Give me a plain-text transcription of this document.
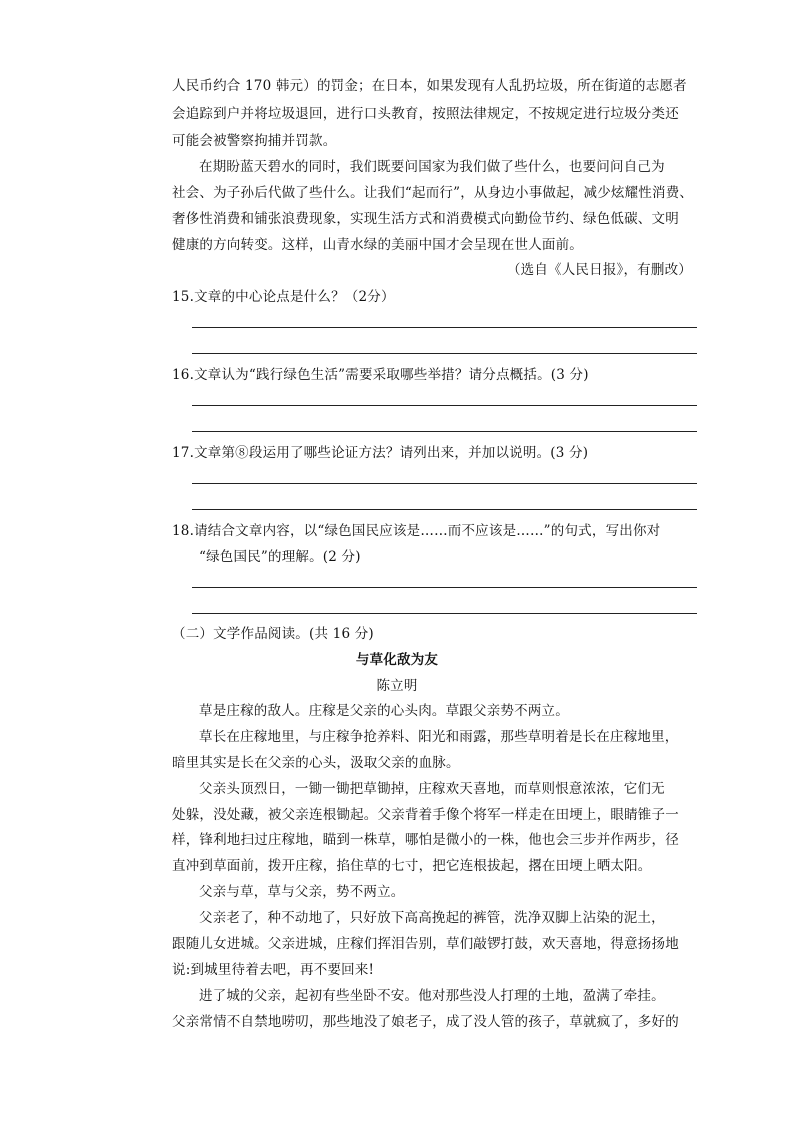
人民币约合 170 韩元）的罚金；在日本，如果发现有人乱扔垃圾，所在街道的志愿者
会追踪到户并将垃圾退回，进行口头教育，按照法律规定，不按规定进行垃圾分类还
可能会被警察拘捕并罚款。
在期盼蓝天碧水的同时，我们既要问国家为我们做了些什么，也要问问自己为
社会、为子孙后代做了些什么。让我们“起而行”，从身边小事做起，减少炫耀性消费、
奢侈性消费和铺张浪费现象，实现生活方式和消费模式向勤俭节约、绿色低碳、文明
健康的方向转变。这样，山青水绿的美丽中国才会呈现在世人面前。
（选自《人民日报》，有删改）
15.文章的中心论点是什么？（2分）
16.文章认为“践行绿色生活”需要采取哪些举措？请分点概括。(3 分)
17.文章第⑧段运用了哪些论证方法？请列出来，并加以说明。(3 分)
18.请结合文章内容，以“绿色国民应该是……而不应该是……”的句式，写出你对
“绿色国民”的理解。(2 分)
（二）文学作品阅读。(共 16 分)
与草化敌为友
陈立明
草是庄稼的敌人。庄稼是父亲的心头肉。草跟父亲势不两立。
草长在庄稼地里，与庄稼争抢养料、阳光和雨露，那些草明着是长在庄稼地里，
暗里其实是长在父亲的心头，汲取父亲的血脉。
父亲头顶烈日，一锄一锄把草锄掉，庄稼欢天喜地，而草则恨意浓浓，它们无
处躲，没处藏，被父亲连根锄起。父亲背着手像个将军一样走在田埂上，眼睛锥子一
样，锋利地扫过庄稼地，瞄到一株草，哪怕是微小的一株，他也会三步并作两步，径
直冲到草面前，拨开庄稼，掐住草的七寸，把它连根拔起，撂在田埂上晒太阳。
父亲与草，草与父亲，势不两立。
父亲老了，种不动地了，只好放下高高挽起的裤管，洗净双脚上沾染的泥土，
跟随儿女进城。父亲进城，庄稼们挥泪告别，草们敲锣打鼓，欢天喜地，得意扬扬地
说:到城里待着去吧，再不要回来!
进了城的父亲，起初有些坐卧不安。他对那些没人打理的土地，盈满了牵挂。
父亲常情不自禁地唠叨，那些地没了娘老子，成了没人管的孩子，草就疯了，多好的
